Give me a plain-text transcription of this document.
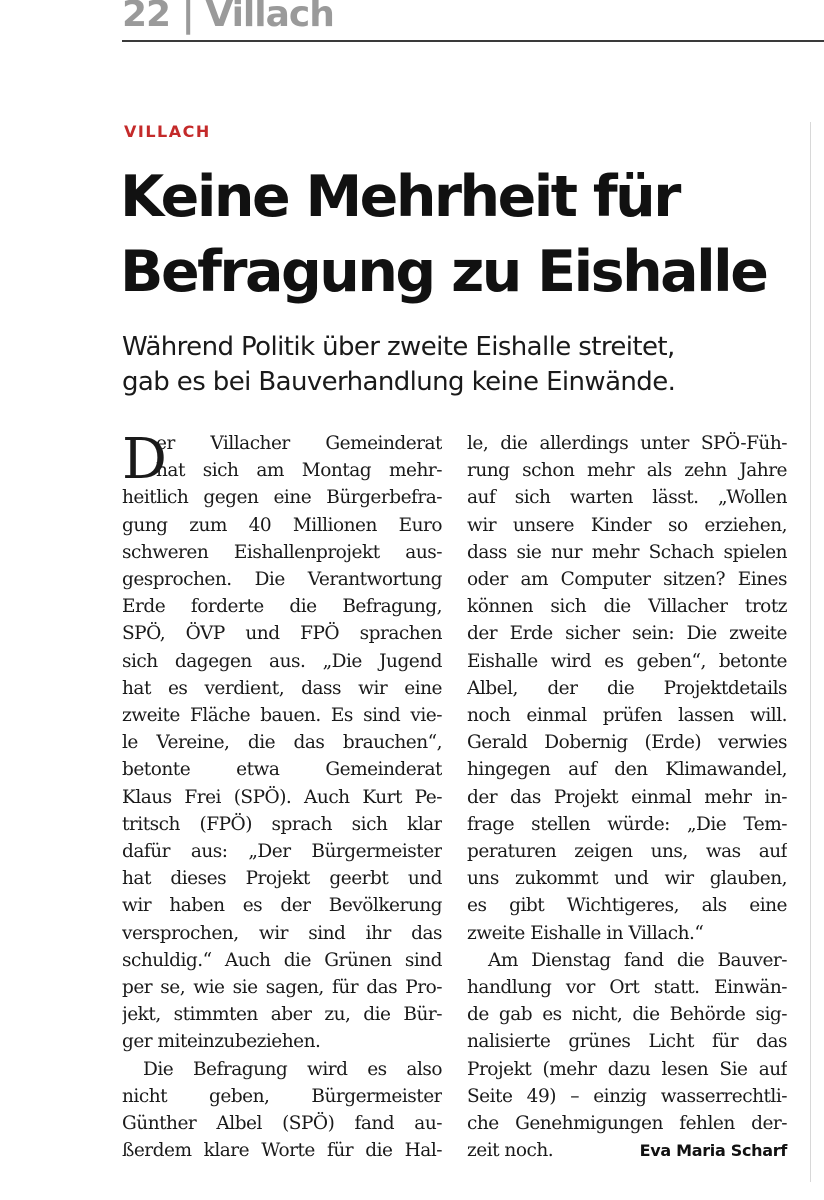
22 | Villach
VILLACH
Keine Mehrheit für
Befragung zu Eishalle
Während Politik über zweite Eishalle streitet,
gab es bei Bauverhandlung keine Einwände.
D
er Villacher Gemeinderat
hat sich am Montag mehr-
heitlich gegen eine Bürgerbefra-
gung zum 40 Millionen Euro
schweren Eishallenprojekt aus-
gesprochen. Die Verantwortung
Erde forderte die Befragung,
SPÖ, ÖVP und FPÖ sprachen
sich dagegen aus. „Die Jugend
hat es verdient, dass wir eine
zweite Fläche bauen. Es sind vie-
le Vereine, die das brauchen“,
betonte etwa Gemeinderat
Klaus Frei (SPÖ). Auch Kurt Pe-
tritsch (FPÖ) sprach sich klar
dafür aus: „Der Bürgermeister
hat dieses Projekt geerbt und
wir haben es der Bevölkerung
versprochen, wir sind ihr das
schuldig.“ Auch die Grünen sind
per se, wie sie sagen, für das Pro-
jekt, stimmten aber zu, die Bür-
ger miteinzubeziehen.
Die Befragung wird es also
nicht geben, Bürgermeister
Günther Albel (SPÖ) fand au-
ßerdem klare Worte für die Hal-
le, die allerdings unter SPÖ-Füh-
rung schon mehr als zehn Jahre
auf sich warten lässt. „Wollen
wir unsere Kinder so erziehen,
dass sie nur mehr Schach spielen
oder am Computer sitzen? Eines
können sich die Villacher trotz
der Erde sicher sein: Die zweite
Eishalle wird es geben“, betonte
Albel, der die Projektdetails
noch einmal prüfen lassen will.
Gerald Dobernig (Erde) verwies
hingegen auf den Klimawandel,
der das Projekt einmal mehr in-
frage stellen würde: „Die Tem-
peraturen zeigen uns, was auf
uns zukommt und wir glauben,
es gibt Wichtigeres, als eine
zweite Eishalle in Villach.“
Am Dienstag fand die Bauver-
handlung vor Ort statt. Einwän-
de gab es nicht, die Behörde sig-
nalisierte grünes Licht für das
Projekt (mehr dazu lesen Sie auf
Seite 49) – einzig wasserrechtli-
che Genehmigungen fehlen der-
zeit noch.	Eva Maria Scharf
